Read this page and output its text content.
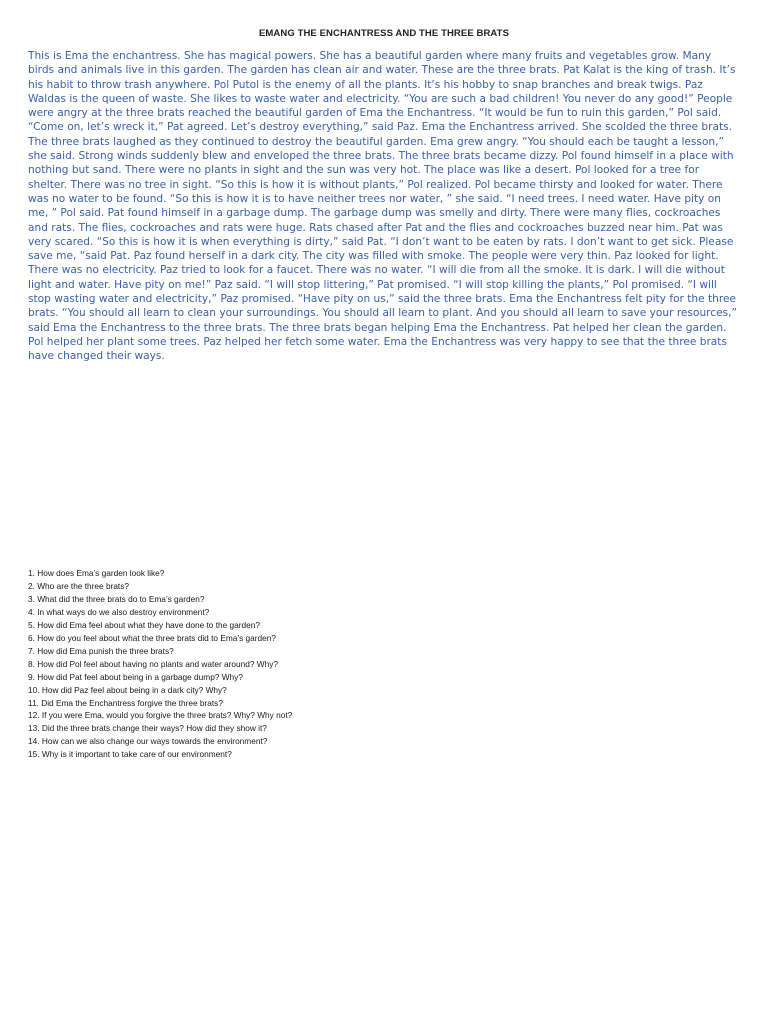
EMANG THE ENCHANTRESS AND THE THREE BRATS

This is Ema the enchantress. She has magical powers. She has a beautiful garden where many fruits and vegetables grow. Many birds and animals live in this garden. The garden has clean air and water. These are the three brats. Pat Kalat is the king of trash. It’s his habit to throw trash anywhere. Pol Putol is the enemy of all the plants. It’s his hobby to snap branches and break twigs. Paz Waldas is the queen of waste. She likes to waste water and electricity. “You are such a bad children! You never do any good!” People were angry at the three brats reached the beautiful garden of Ema the Enchantress. “It would be fun to ruin this garden,” Pol said. “Come on, let’s wreck it,” Pat agreed. Let’s destroy everything,” said Paz. Ema the Enchantress arrived. She scolded the three brats. The three brats laughed as they continued to destroy the beautiful garden. Ema grew angry. “You should each be taught a lesson,” she said. Strong winds suddenly blew and enveloped the three brats. The three brats became dizzy. Pol found himself in a place with nothing but sand. There were no plants in sight and the sun was very hot. The place was like a desert. Pol looked for a tree for shelter. There was no tree in sight. “So this is how it is without plants,” Pol realized. Pol became thirsty and looked for water. There was no water to be found. “So this is how it is to have neither trees nor water, ” she said. “I need trees. I need water. Have pity on me, ” Pol said. Pat found himself in a garbage dump. The garbage dump was smelly and dirty. There were many flies, cockroaches and rats. The flies, cockroaches and rats were huge. Rats chased after Pat and the flies and cockroaches buzzed near him. Pat was very scared. “So this is how it is when everything is dirty,” said Pat. “I don’t want to be eaten by rats. I don’t want to get sick. Please save me, “said Pat. Paz found herself in a dark city. The city was filled with smoke. The people were very thin. Paz looked for light. There was no electricity. Paz tried to look for a faucet. There was no water. “I will die from all the smoke. It is dark. I will die without light and water. Have pity on me!” Paz said. “I will stop littering,” Pat promised. “I will stop killing the plants,” Pol promised. “I will stop wasting water and electricity,” Paz promised. “Have pity on us,” said the three brats. Ema the Enchantress felt pity for the three brats. “You should all learn to clean your surroundings. You should all learn to plant. And you should all learn to save your resources,” said Ema the Enchantress to the three brats. The three brats began helping Ema the Enchantress. Pat helped her clean the garden. Pol helped her plant some trees. Paz helped her fetch some water. Ema the Enchantress was very happy to see that the three brats have changed their ways.

1. How does Ema’s garden look like?
2. Who are the three brats?
3. What did the three brats do to Ema’s garden?
4. In what ways do we also destroy environment?
5. How did Ema feel about what they have done to the garden?
6. How do you feel about what the three brats did to Ema’s garden?
7. How did Ema punish the three brats?
8. How did Pol feel about having no plants and water around? Why?
9. How did Pat feel about being in a garbage dump? Why?
10. How did Paz feel about being in a dark city? Why?
11. Did Ema the Enchantress forgive the three brats?
12. If you were Ema, would you forgive the three brats? Why? Why not?
13. Did the three brats change their ways? How did they show it?
14. How can we also change our ways towards the environment?
15. Why is it important to take care of our environment?
